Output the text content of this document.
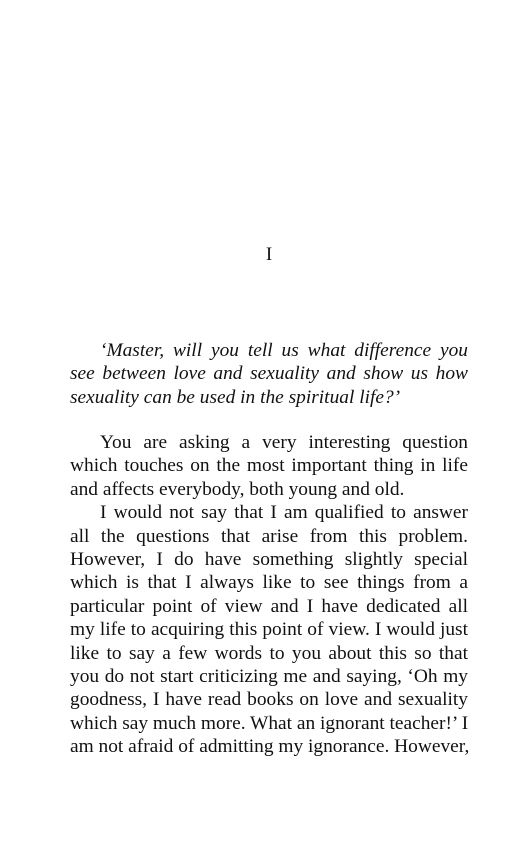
I
‘Master, will you tell us what difference you
see between love and sexuality and show us how
sexuality can be used in the spiritual life?’
You are asking a very interesting question
which touches on the most important thing in life
and affects everybody, both young and old.
I would not say that I am qualified to answer
all the questions that arise from this problem.
However, I do have something slightly special
which is that I always like to see things from a
particular point of view and I have dedicated all
my life to acquiring this point of view. I would just
like to say a few words to you about this so that
you do not start criticizing me and saying, ‘Oh my
goodness, I have read books on love and sexuality
which say much more. What an ignorant teacher!’ I
am not afraid of admitting my ignorance. However,
